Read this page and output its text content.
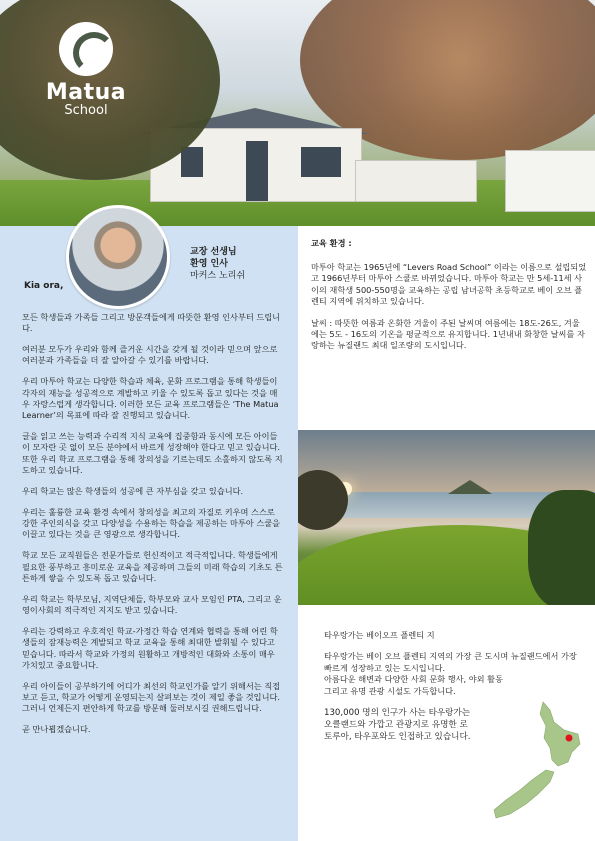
Matua
School
교장 선생님
환영 인사
마커스 노리쉬
Kia ora,

모든 학생들과 가족들 그리고 방문객들에게 따뜻한 환영 인사부터 드립니다.

여러분 모두가 우리와 함께 즐거운 시간을 갖게 될 것이라 믿으며 앞으로 여러분과 가족들을 더 잘 알아갈 수 있기를 바랍니다.

우리 마투아 학교는 다양한 학습과 체육, 문화 프로그램을 통해 학생들이 각자의 재능을 성공적으로 계발하고 키울 수 있도록 돕고 있다는 것을 매우 자랑스럽게 생각합니다. 이러한 모든 교육 프로그램들은 ‘The Matua Learner’의 목표에 따라 잘 진행되고 있습니다.

글을 읽고 쓰는 능력과 수리적 지식 교육에 집중함과 동시에 모든 아이들이 모자란 곳 없이 모든 분야에서 바르게 성장해야 한다고 믿고 있습니다. 또한 우리 학교 프로그램을 통해 창의성을 기르는데도 소홀하지 않도록 지도하고 있습니다.

우리 학교는 많은 학생들의 성공에 큰 자부심을 갖고 있습니다.

우리는 훌륭한 교육 환경 속에서 창의성을 최고의 자질로 키우며 스스로 강한 주인의식을 갖고 다양성을 수용하는 학습을 제공하는 마투아 스쿨을 이끌고 있다는 것을 큰 영광으로 생각합니다.

학교 모든 교직원들은 전문가들로 헌신적이고 적극적입니다. 학생들에게 필요한 풍부하고 흥미로운 교육을 제공하며 그들의 미래 학습의 기초도 튼튼하게 쌓을 수 있도록 돕고 있습니다.

우리 학교는 학부모님, 지역단체들, 학부모와 교사 모임인 PTA, 그리고 운영이사회의 적극적인 지지도 받고 있습니다.

우리는 강력하고 우호적인 학교-가정간 학습 연계와 협력을 통해 어린 학생들의 잠재능력은 계발되고 학교 교육을 통해 최대한 발휘될 수 있다고 믿습니다. 따라서 학교와 가정의 원활하고 개방적인 대화와 소통이 매우 가치있고 중요합니다.

우리 아이들이 공부하기에 어디가 최선의 학교인가를 알기 위해서는 직접 보고 듣고, 학교가 어떻게 운영되는지 살펴보는 것이 제일 좋을 것입니다. 그러니 언제든지 편안하게 학교를 방문해 둘러보시길 권해드립니다.

곧 만나뵙겠습니다.

교육 환경 :

마투아 학교는 1965년에 “Levers Road School” 이라는 이름으로 설립되었고 1966년부터 마투아 스쿨로 바뀌었습니다. 마투아 학교는 만 5세-11세 사이의 재학생 500-550명을 교육하는 공립 남녀공학 초등학교로 베이 오브 플렌티 지역에 위치하고 있습니다.

날씨 : 따뜻한 여름과 온화한 겨울이 주된 날씨며 여름에는 18도-26도, 겨울에는 5도 - 16도의 기온을 평균적으로 유지합니다. 1년내내 화창한 날씨를 자랑하는 뉴질랜드 최대 일조량의 도시입니다.

타우랑가는 베이오프 플렌티 지

타우랑가는 베이 오브 플렌티 지역의 가장 큰 도시며 뉴질랜드에서 가장 빠르게 성장하고 있는 도시입니다.

아름다운 해변과 다양한 사회 문화 행사, 야외 활동

그리고 유명 관광 시설도 가득합니다.

130,000 명의 인구가 사는 타우랑가는 오클랜드와 가깝고 관광지로 유명한 로토루아, 타우포와도 인접하고 있습니다.
